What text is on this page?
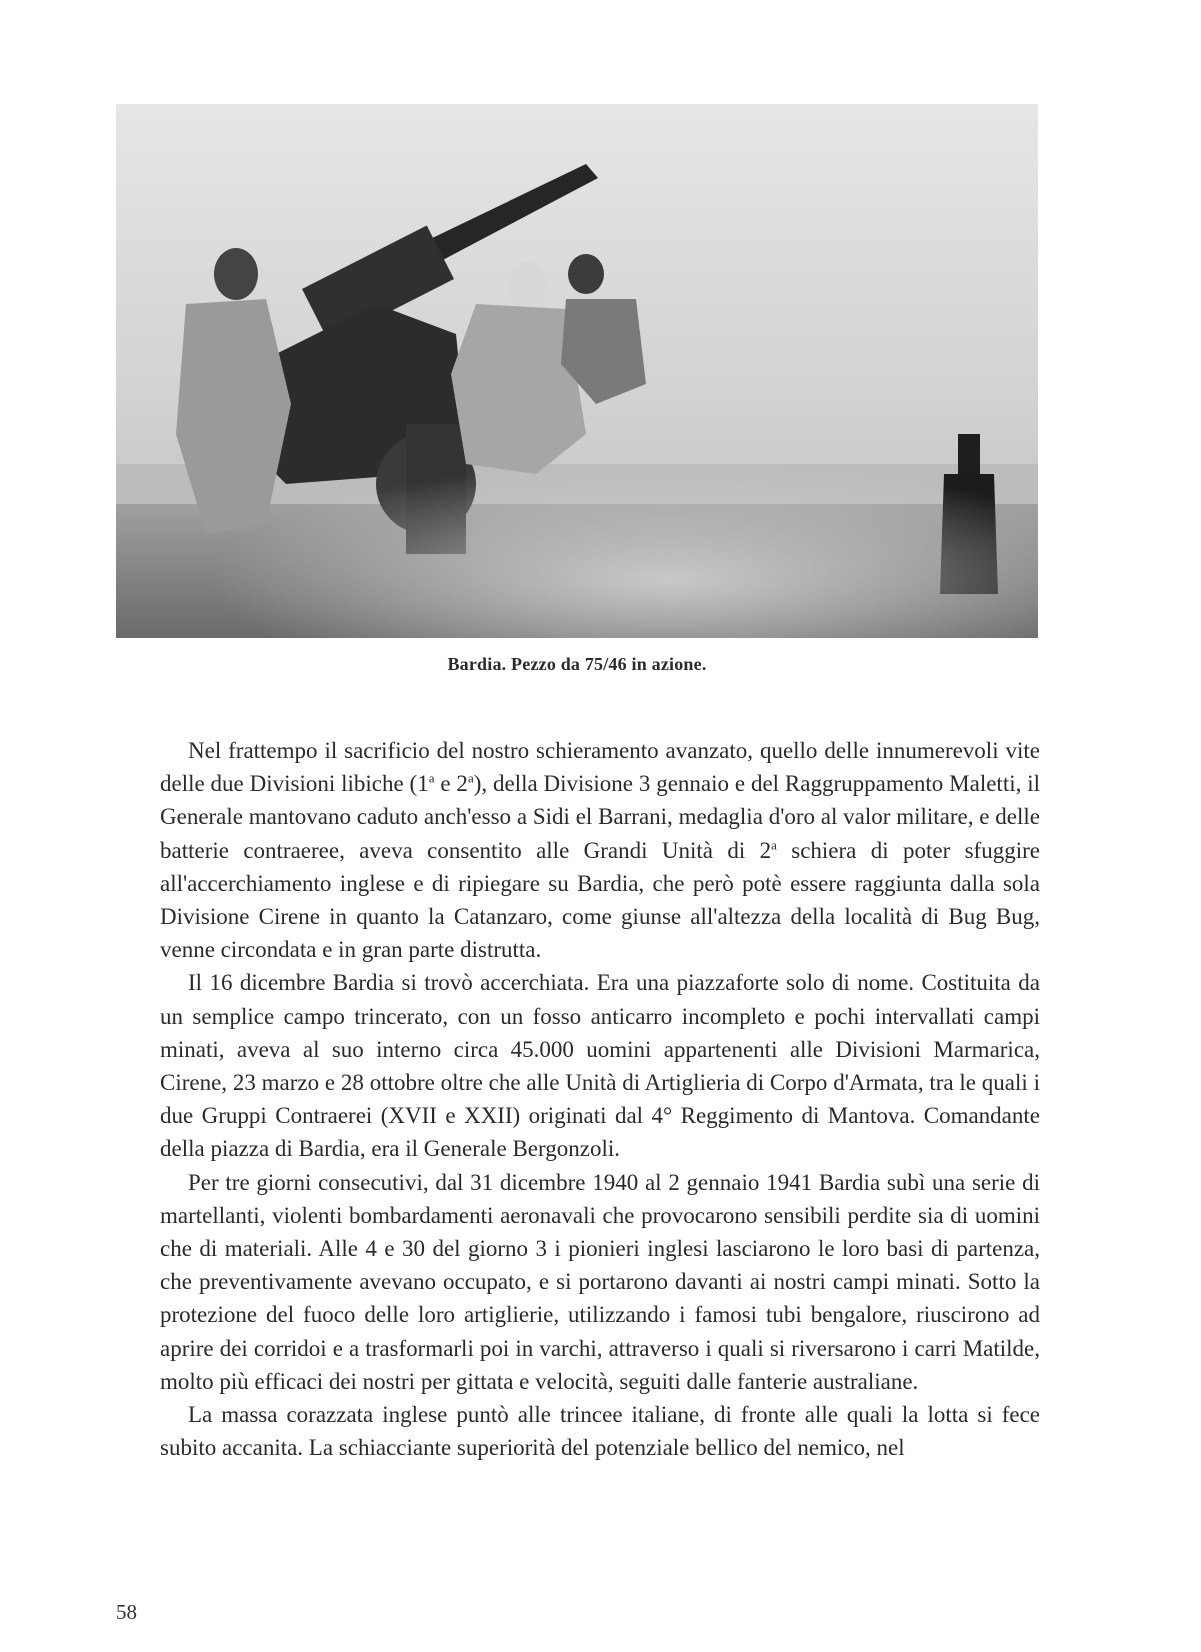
Bardia. Pezzo da 75/46 in azione.

Nel frattempo il sacrificio del nostro schieramento avanzato, quello delle innumerevoli vite delle due Divisioni libiche (1$^a$ e 2$^a$), della Divisione 3 gennaio e del Raggruppamento Maletti, il Generale mantovano caduto anch'esso a Sidi el Barrani, medaglia d'oro al valor militare, e delle batterie contraeree, aveva consentito alle Grandi Unità di 2$^a$ schiera di poter sfuggire all'accerchiamento inglese e di ripiegare su Bardia, che però potè essere raggiunta dalla sola Divisione Cirene in quanto la Catanzaro, come giunse all'altezza della località di Bug Bug, venne circondata e in gran parte distrutta.

Il 16 dicembre Bardia si trovò accerchiata. Era una piazzaforte solo di nome. Costituita da un semplice campo trincerato, con un fosso anticarro incompleto e pochi intervallati campi minati, aveva al suo interno circa 45.000 uomini appartenenti alle Divisioni Marmarica, Cirene, 23 marzo e 28 ottobre oltre che alle Unità di Artiglieria di Corpo d'Armata, tra le quali i due Gruppi Contraerei (XVII e XXII) originati dal 4° Reggimento di Mantova. Comandante della piazza di Bardia, era il Generale Bergonzoli.

Per tre giorni consecutivi, dal 31 dicembre 1940 al 2 gennaio 1941 Bardia subì una serie di martellanti, violenti bombardamenti aeronavali che provocarono sensibili perdite sia di uomini che di materiali. Alle 4 e 30 del giorno 3 i pionieri inglesi lasciarono le loro basi di partenza, che preventivamente avevano occupato, e si portarono davanti ai nostri campi minati. Sotto la protezione del fuoco delle loro artiglierie, utilizzando i famosi tubi bengalore, riuscirono ad aprire dei corridoi e a trasformarli poi in varchi, attraverso i quali si riversarono i carri Matilde, molto più efficaci dei nostri per gittata e velocità, seguiti dalle fanterie australiane.

La massa corazzata inglese puntò alle trincee italiane, di fronte alle quali la lotta si fece subito accanita. La schiacciante superiorità del potenziale bellico del nemico, nel

58
